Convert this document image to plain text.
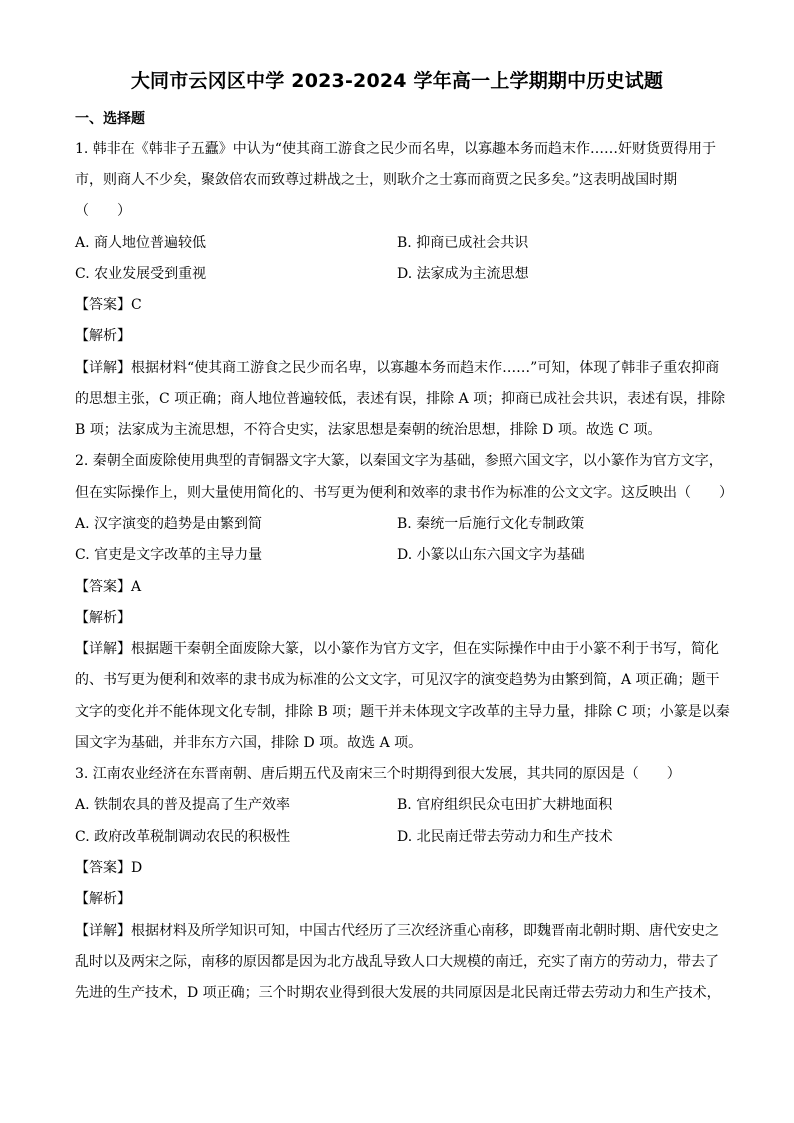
大同市云冈区中学 2023-2024 学年高一上学期期中历史试题
一、选择题
1. 韩非在《韩非子五蠹》中认为“使其商工游食之民少而名卑，以寡趣本务而趋末作……奸财货贾得用于
市，则商人不少矣，聚敛倍农而致尊过耕战之士，则耿介之士寡而商贾之民多矣。”这表明战国时期
（　　）
A. 商人地位普遍较低	B. 抑商已成社会共识
C. 农业发展受到重视	D. 法家成为主流思想
【答案】C
【解析】
【详解】根据材料“使其商工游食之民少而名卑，以寡趣本务而趋末作……”可知，体现了韩非子重农抑商
的思想主张，C 项正确；商人地位普遍较低，表述有误，排除 A 项；抑商已成社会共识，表述有误，排除
B 项；法家成为主流思想，不符合史实，法家思想是秦朝的统治思想，排除 D 项。故选 C 项。
2. 秦朝全面废除使用典型的青铜器文字大篆，以秦国文字为基础，参照六国文字，以小篆作为官方文字，
但在实际操作上，则大量使用简化的、书写更为便利和效率的隶书作为标准的公文文字。这反映出（　　）
A. 汉字演变的趋势是由繁到简	B. 秦统一后施行文化专制政策
C. 官吏是文字改革的主导力量	D. 小篆以山东六国文字为基础
【答案】A
【解析】
【详解】根据题干秦朝全面废除大篆，以小篆作为官方文字，但在实际操作中由于小篆不利于书写，简化
的、书写更为便利和效率的隶书成为标准的公文文字，可见汉字的演变趋势为由繁到简，A 项正确；题干
文字的变化并不能体现文化专制，排除 B 项；题干并未体现文字改革的主导力量，排除 C 项；小篆是以秦
国文字为基础，并非东方六国，排除 D 项。故选 A 项。
3. 江南农业经济在东晋南朝、唐后期五代及南宋三个时期得到很大发展，其共同的原因是（　　）
A. 铁制农具的普及提高了生产效率	B. 官府组织民众屯田扩大耕地面积
C. 政府改革税制调动农民的积极性	D. 北民南迁带去劳动力和生产技术
【答案】D
【解析】
【详解】根据材料及所学知识可知，中国古代经历了三次经济重心南移，即魏晋南北朝时期、唐代安史之
乱时以及两宋之际，南移的原因都是因为北方战乱导致人口大规模的南迁，充实了南方的劳动力，带去了
先进的生产技术，D 项正确；三个时期农业得到很大发展的共同原因是北民南迁带去劳动力和生产技术，
